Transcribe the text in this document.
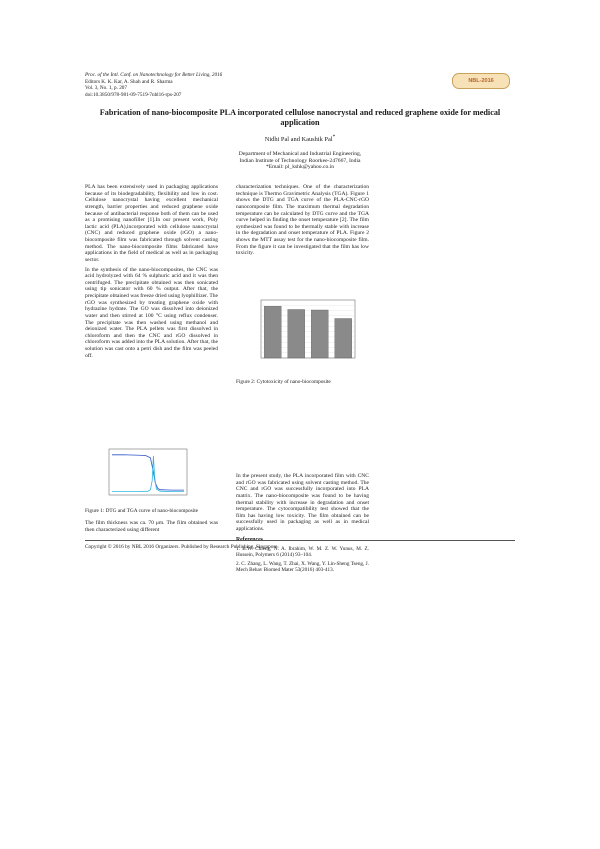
Proc. of the Intl. Conf. on Nanotechnology for Better Living, 2016
Editors K. K. Kar, A. Shah and R. Sharma
Vol. 3, No. 1, p. 207
doi:10.3850/978-981-09-7519-7nbl16-rps-207
NBL-2016
Fabrication of nano-biocomposite PLA incorporated cellulose nanocrystal and reduced graphene oxide for medical application
Nidhi Pal and Kaushik Pal*
Department of Mechanical and Industrial Engineering,
Indian Institute of Technology Roorkee-247667, India
*Email: pl_kshk@yahoo.co.in

PLA has been extensively used in packaging applications because of its biodegradability, flexibility and low in cost. Cellulose nanocrystal having excellent mechanical strength, barrier properties and reduced graphene oxide because of antibacterial response both of them can be used as a promising nanofiller [1].In our present work, Poly lactic acid (PLA),incorporated with cellulose nanocrystal (CNC) and reduced graphene oxide (rGO) a nano-biocomposite film was fabricated through solvent casting method. The nano-biocomposite films fabricated have applications in the field of medical as well as in packaging sector.

In the synthesis of the nano-biocomposites, the CNC was acid hydrolyzed with 64 % sulphuric acid and it was then centrifuged. The precipitate obtained was then sonicated using tip sonicator with 60 % output. After that, the precipitate obtained was freeze dried using lyophillizer. The rGO was synthesized by treating graphene oxide with hydrazine hydrate. The GO was dissolved into deionized water and then stirred at 100 °C using reflux condenser. The precipitate was then washed using methanol and deionized water. The PLA pellets was first dissolved in chloroform and then the CNC and rGO dissolved in chloroform was added into the PLA solution. After that, the solution was cast onto a petri dish and the film was peeled off.

Figure 1: DTG and TGA curve of nano-biocomposite
The film thickness was ca. 70 μm. The film obtained was then characterized using different

characterization techniques. One of the characterization technique is Thermo Gravimetric Analysis (TGA). Figure 1 shows the DTG and TGA curve of the PLA-CNC-rGO nanocomposite film. The maximum thermal degradation temperature can be calculated by DTG curve and the TGA curve helped in finding the onset temperature [2]. The film synthesized was found to be thermally stable with increase in the degradation and onset temperature of PLA. Figure 2 shows the MTT assay test for the nano-biocomposite film. From the figure it can be investigated that the film has low toxicity.

Figure 2: Cytotoxicity of nano-biocomposite

In the present study, the PLA incorporated film with CNC and rGO was fabricated using solvent casting method. The CNC and rGO was successfully incorporated into PLA matrix. The nano-biocomposite was found to be having thermal stability with increase in degradation and onset temperature. The cytocompatibility test showed that the film has having low toxicity. The film obtained can be successfully used in packaging as well as in medical applications.

References
1. B.W. Chieng, N. A. Ibrahim, W. M. Z. W. Yunus, M. Z. Hussein, Polymers 6 (2014) 93–104.
2. C. Zhang, L. Wang, T. Zhai, X. Wang, Y. Lin-Sheng Tseng, J. Mech Behav Biomed Mater 53(2016) 403-413.
Copyright © 2016 by NBL 2016 Organizers. Published by Research Publishing, Singapore.
